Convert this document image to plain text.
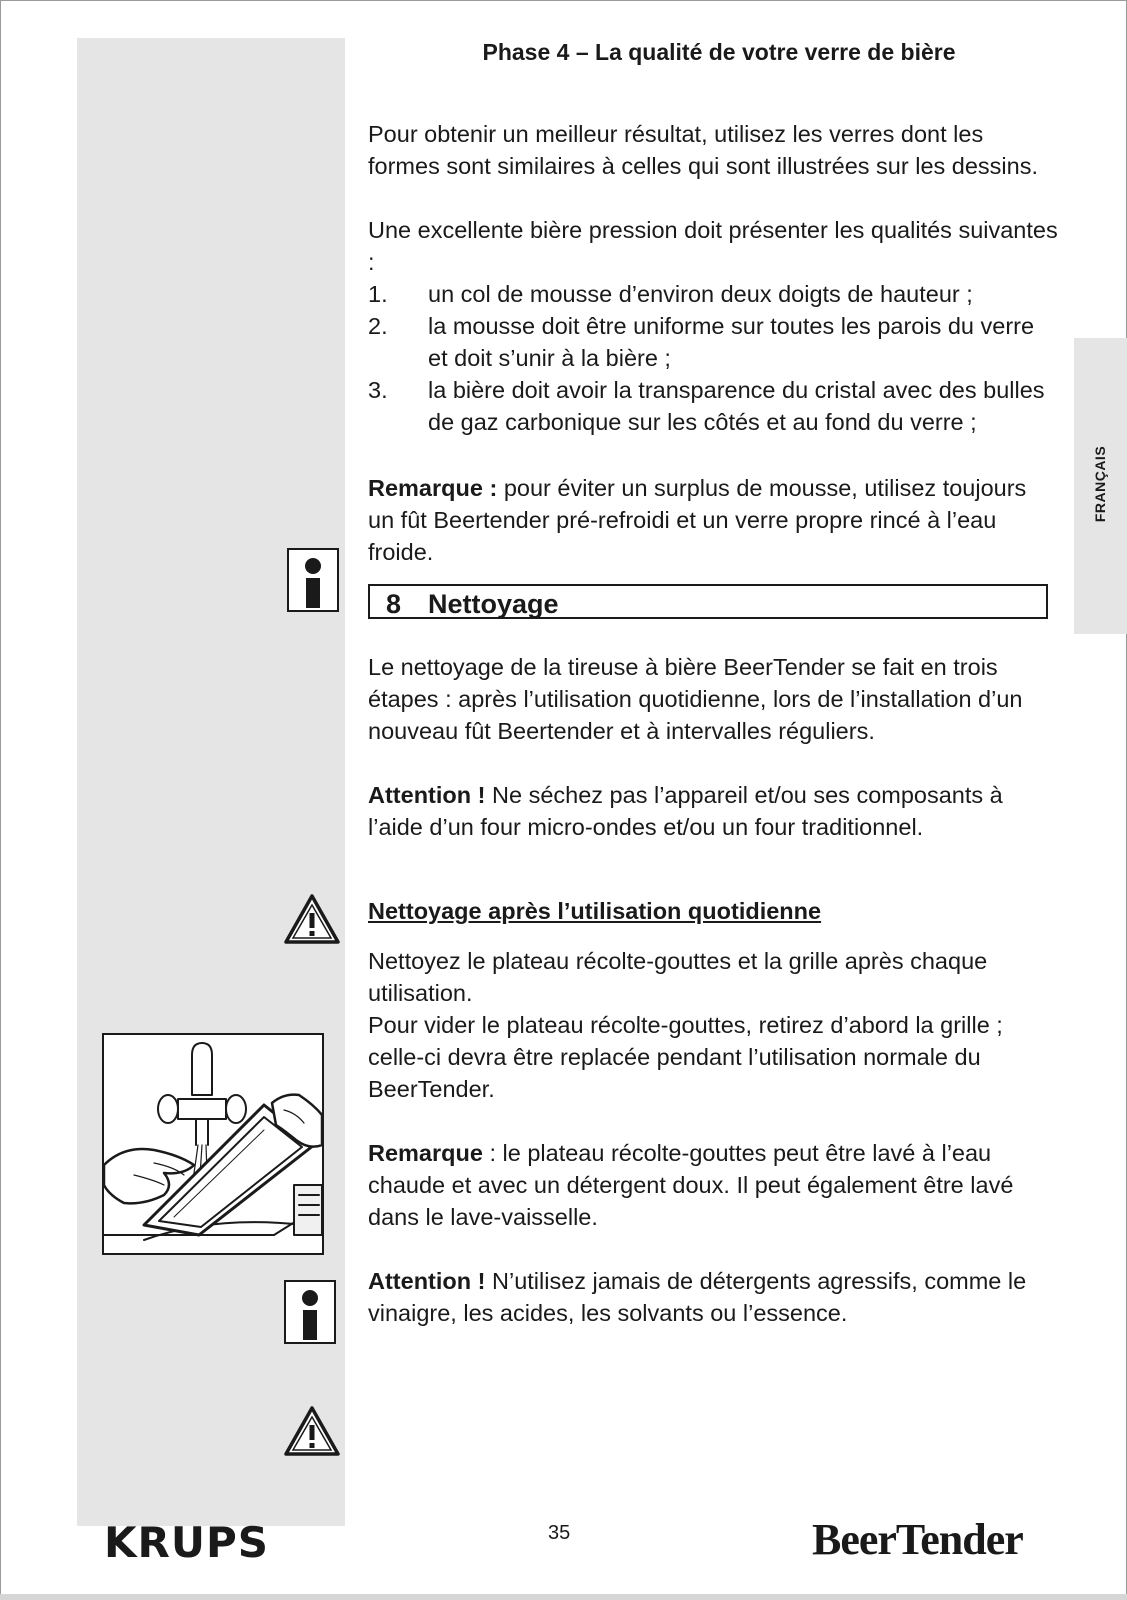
FRANÇAIS
Phase 4 – La qualité de votre verre de bière

Pour obtenir un meilleur résultat, utilisez les verres dont les formes sont similaires à celles qui sont illustrées sur les dessins.

Une excellente bière pression doit présenter les qualités suivantes :

1. un col de mousse d’environ deux doigts de hauteur ;
2. la mousse doit être uniforme sur toutes les parois du verre et doit s’unir à la bière ;
3. la bière doit avoir la transparence du cristal avec des bulles de gaz carbonique sur les côtés et au fond du verre ;

Remarque : pour éviter un surplus de mousse, utilisez toujours un fût Beertender pré-refroidi et un verre propre rincé à l’eau froide.

8 Nettoyage

Le nettoyage de la tireuse à bière BeerTender se fait en trois étapes : après l’utilisation quotidienne, lors de l’installation d’un nouveau fût Beertender et à intervalles réguliers.

Attention ! Ne séchez pas l’appareil et/ou ses composants à l’aide d’un four micro-ondes et/ou un four traditionnel.

Nettoyage après l’utilisation quotidienne

Nettoyez le plateau récolte-gouttes et la grille après chaque utilisation.

Pour vider le plateau récolte-gouttes, retirez d’abord la grille ; celle-ci devra être replacée pendant l’utilisation normale du BeerTender.

Remarque : le plateau récolte-gouttes peut être lavé à l’eau chaude et avec un détergent doux. Il peut également être lavé dans le lave-vaisselle.

Attention ! N’utilisez jamais de détergents agressifs, comme le vinaigre, les acides, les solvants ou l’essence.

KRUPS	35	BeerTender
